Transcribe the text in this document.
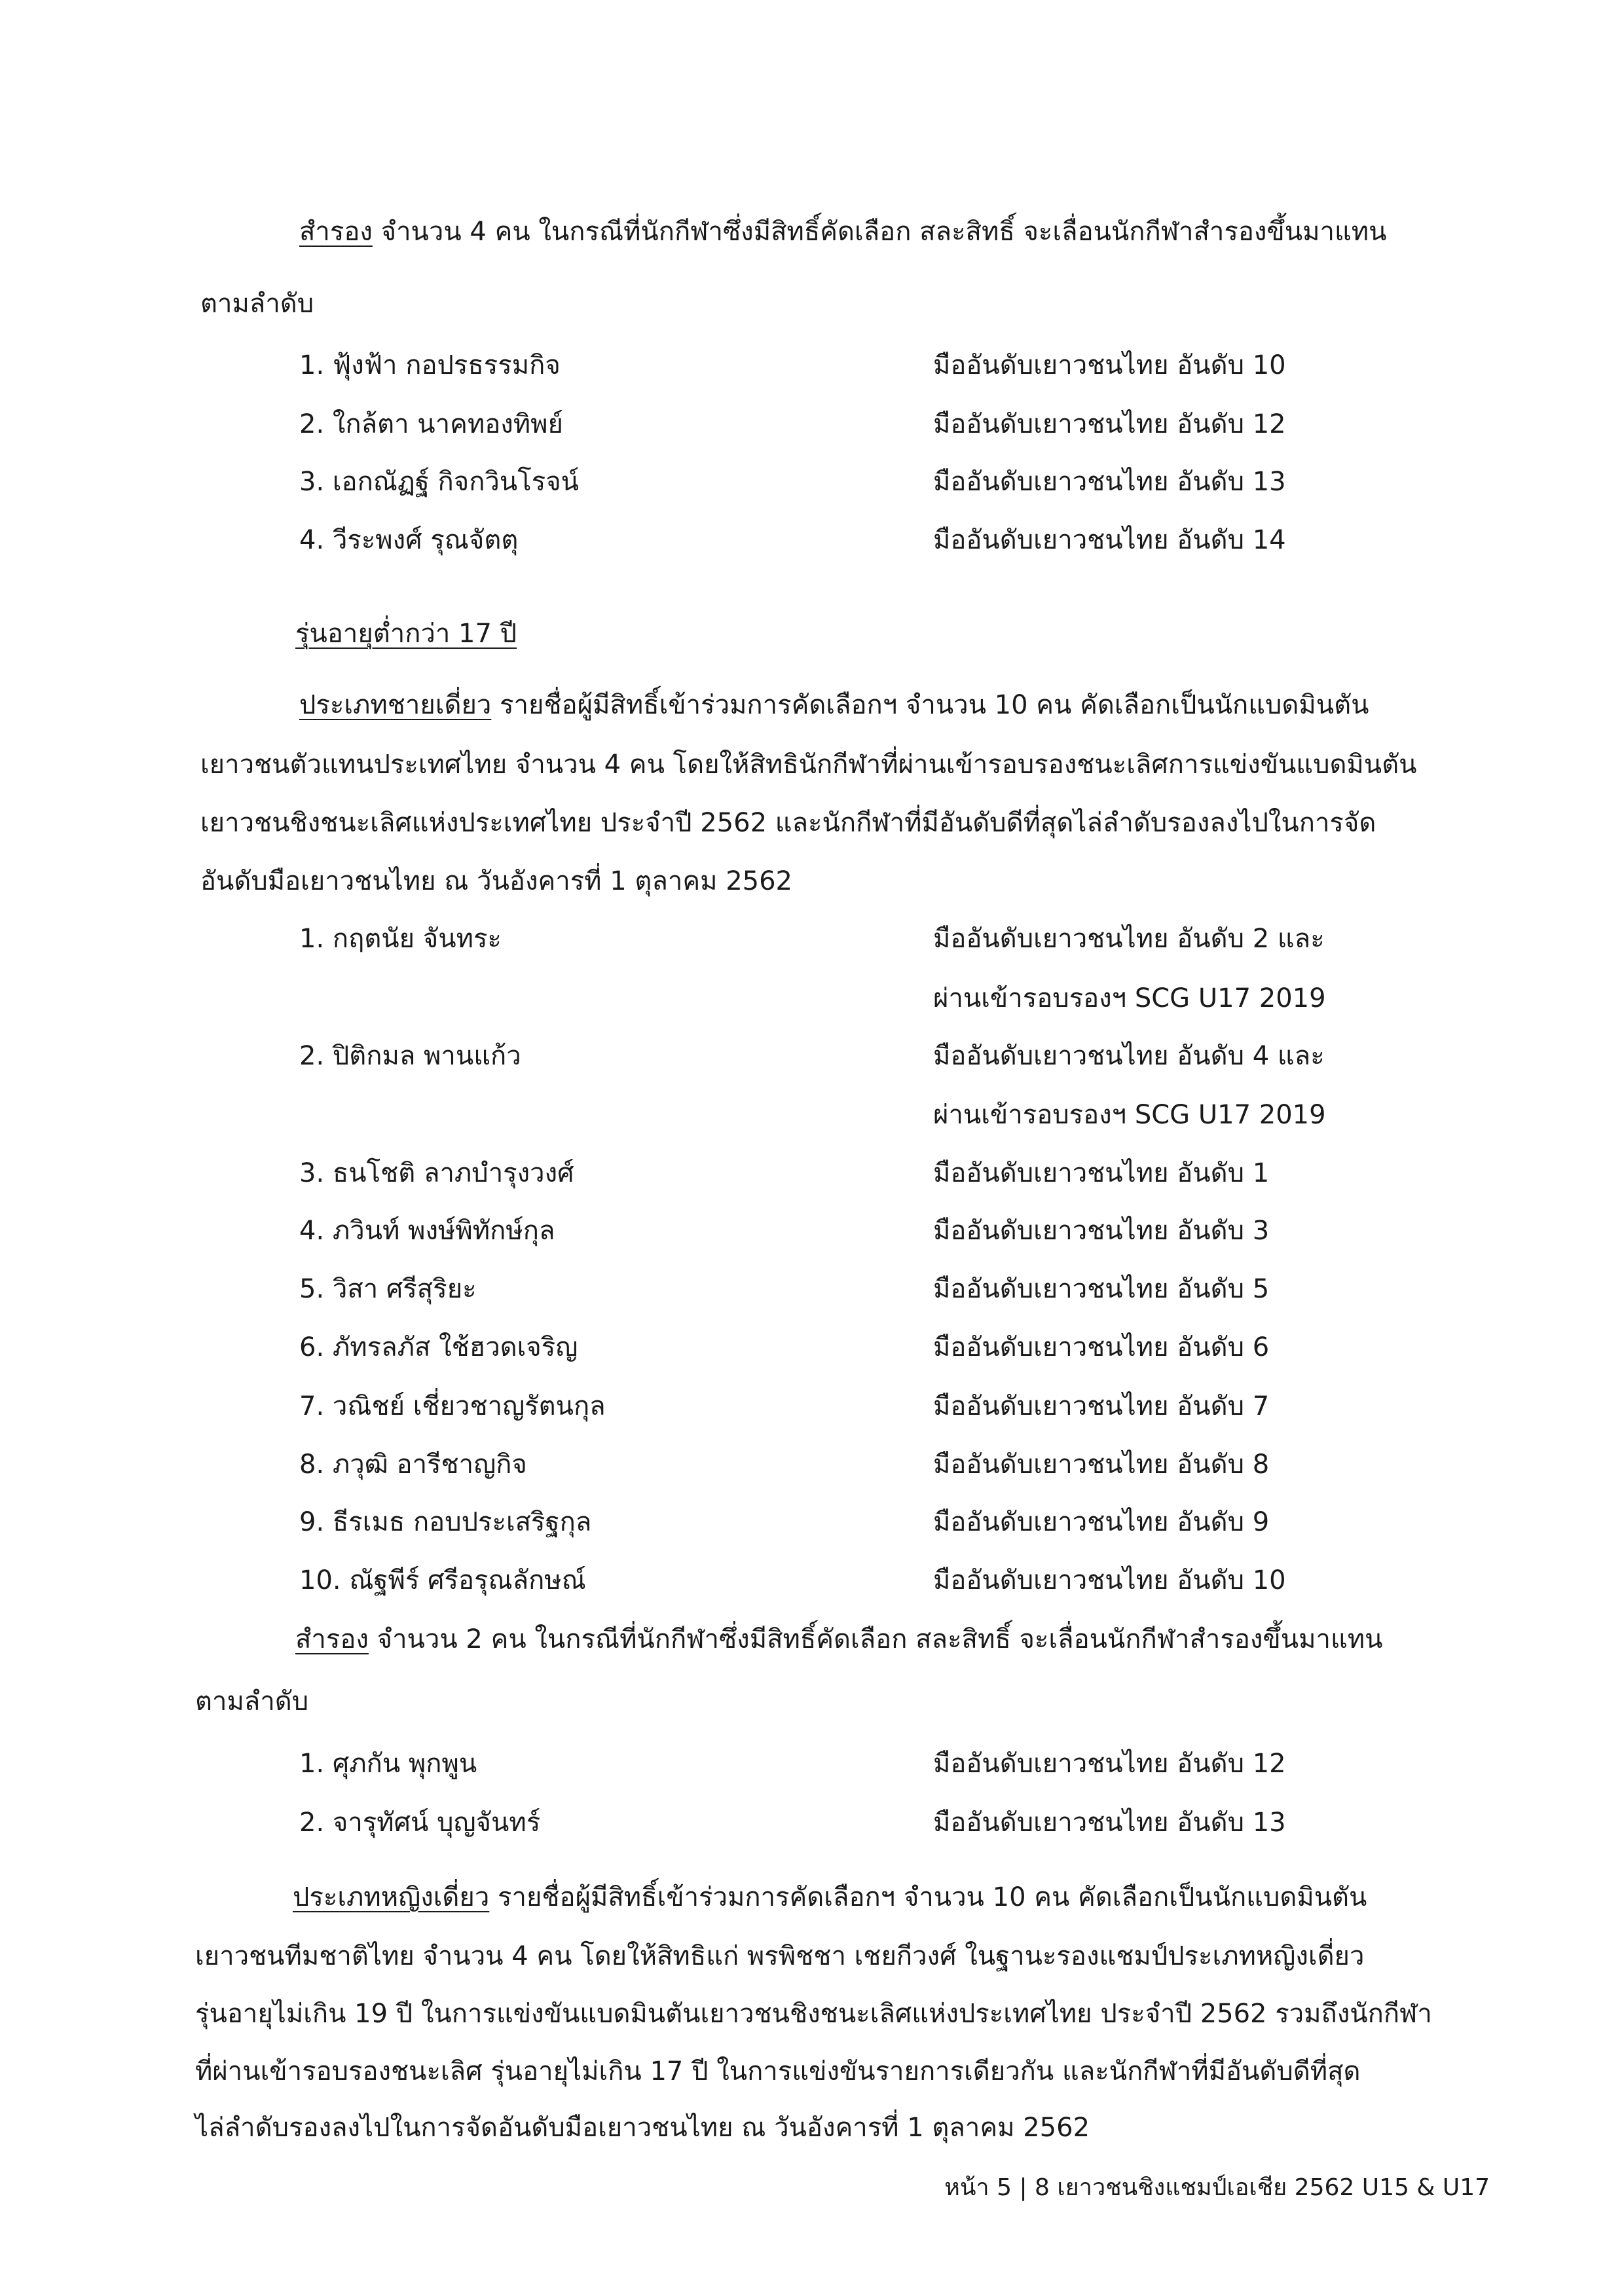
สำรอง จำนวน 4 คน ในกรณีที่นักกีฬาซึ่งมีสิทธิ์คัดเลือก สละสิทธิ์ จะเลื่อนนักกีฬาสำรองขึ้นมาแทน
ตามลำดับ
1. ฟุ้งฟ้า กอปรธรรมกิจ	มืออันดับเยาวชนไทย อันดับ 10
2. ใกล้ตา นาคทองทิพย์	มืออันดับเยาวชนไทย อันดับ 12
3. เอกณัฏฐ์ กิจกวินโรจน์	มืออันดับเยาวชนไทย อันดับ 13
4. วีระพงศ์ รุณจัตตุ	มืออันดับเยาวชนไทย อันดับ 14
รุ่นอายุต่ำกว่า 17 ปี
ประเภทชายเดี่ยว รายชื่อผู้มีสิทธิ์เข้าร่วมการคัดเลือกฯ จำนวน 10 คน คัดเลือกเป็นนักแบดมินตัน
เยาวชนตัวแทนประเทศไทย จำนวน 4 คน โดยให้สิทธินักกีฬาที่ผ่านเข้ารอบรองชนะเลิศการแข่งขันแบดมินตัน
เยาวชนชิงชนะเลิศแห่งประเทศไทย ประจำปี 2562 และนักกีฬาที่มีอันดับดีที่สุดไล่ลำดับรองลงไปในการจัด
อันดับมือเยาวชนไทย ณ วันอังคารที่ 1 ตุลาคม 2562
1. กฤตนัย จันทระ	มืออันดับเยาวชนไทย อันดับ 2 และ
ผ่านเข้ารอบรองฯ SCG U17 2019
2. ปิติกมล พานแก้ว	มืออันดับเยาวชนไทย อันดับ 4 และ
ผ่านเข้ารอบรองฯ SCG U17 2019
3. ธนโชติ ลาภบำรุงวงศ์	มืออันดับเยาวชนไทย อันดับ 1
4. ภวินท์ พงษ์พิทักษ์กุล	มืออันดับเยาวชนไทย อันดับ 3
5. วิสา ศรีสุริยะ	มืออันดับเยาวชนไทย อันดับ 5
6. ภัทรลภัส ใช้ฮวดเจริญ	มืออันดับเยาวชนไทย อันดับ 6
7. วณิชย์ เชี่ยวชาญรัตนกุล	มืออันดับเยาวชนไทย อันดับ 7
8. ภวุฒิ อารีชาญกิจ	มืออันดับเยาวชนไทย อันดับ 8
9. ธีรเมธ กอบประเสริฐกุล	มืออันดับเยาวชนไทย อันดับ 9
10. ณัฐพีร์ ศรีอรุณลักษณ์	มืออันดับเยาวชนไทย อันดับ 10
สำรอง จำนวน 2 คน ในกรณีที่นักกีฬาซึ่งมีสิทธิ์คัดเลือก สละสิทธิ์ จะเลื่อนนักกีฬาสำรองขึ้นมาแทน
ตามลำดับ
1. ศุภกัน พุกพูน	มืออันดับเยาวชนไทย อันดับ 12
2. จารุทัศน์ บุญจันทร์	มืออันดับเยาวชนไทย อันดับ 13
ประเภทหญิงเดี่ยว รายชื่อผู้มีสิทธิ์เข้าร่วมการคัดเลือกฯ จำนวน 10 คน คัดเลือกเป็นนักแบดมินตัน
เยาวชนทีมชาติไทย จำนวน 4 คน โดยให้สิทธิแก่ พรพิชชา เชยกีวงศ์ ในฐานะรองแชมป์ประเภทหญิงเดี่ยว
รุ่นอายุไม่เกิน 19 ปี ในการแข่งขันแบดมินตันเยาวชนชิงชนะเลิศแห่งประเทศไทย ประจำปี 2562 รวมถึงนักกีฬา
ที่ผ่านเข้ารอบรองชนะเลิศ รุ่นอายุไม่เกิน 17 ปี ในการแข่งขันรายการเดียวกัน และนักกีฬาที่มีอันดับดีที่สุด
ไล่ลำดับรองลงไปในการจัดอันดับมือเยาวชนไทย ณ วันอังคารที่ 1 ตุลาคม 2562
หน้า 5 | 8 เยาวชนชิงแชมป์เอเชีย 2562 U15 & U17
